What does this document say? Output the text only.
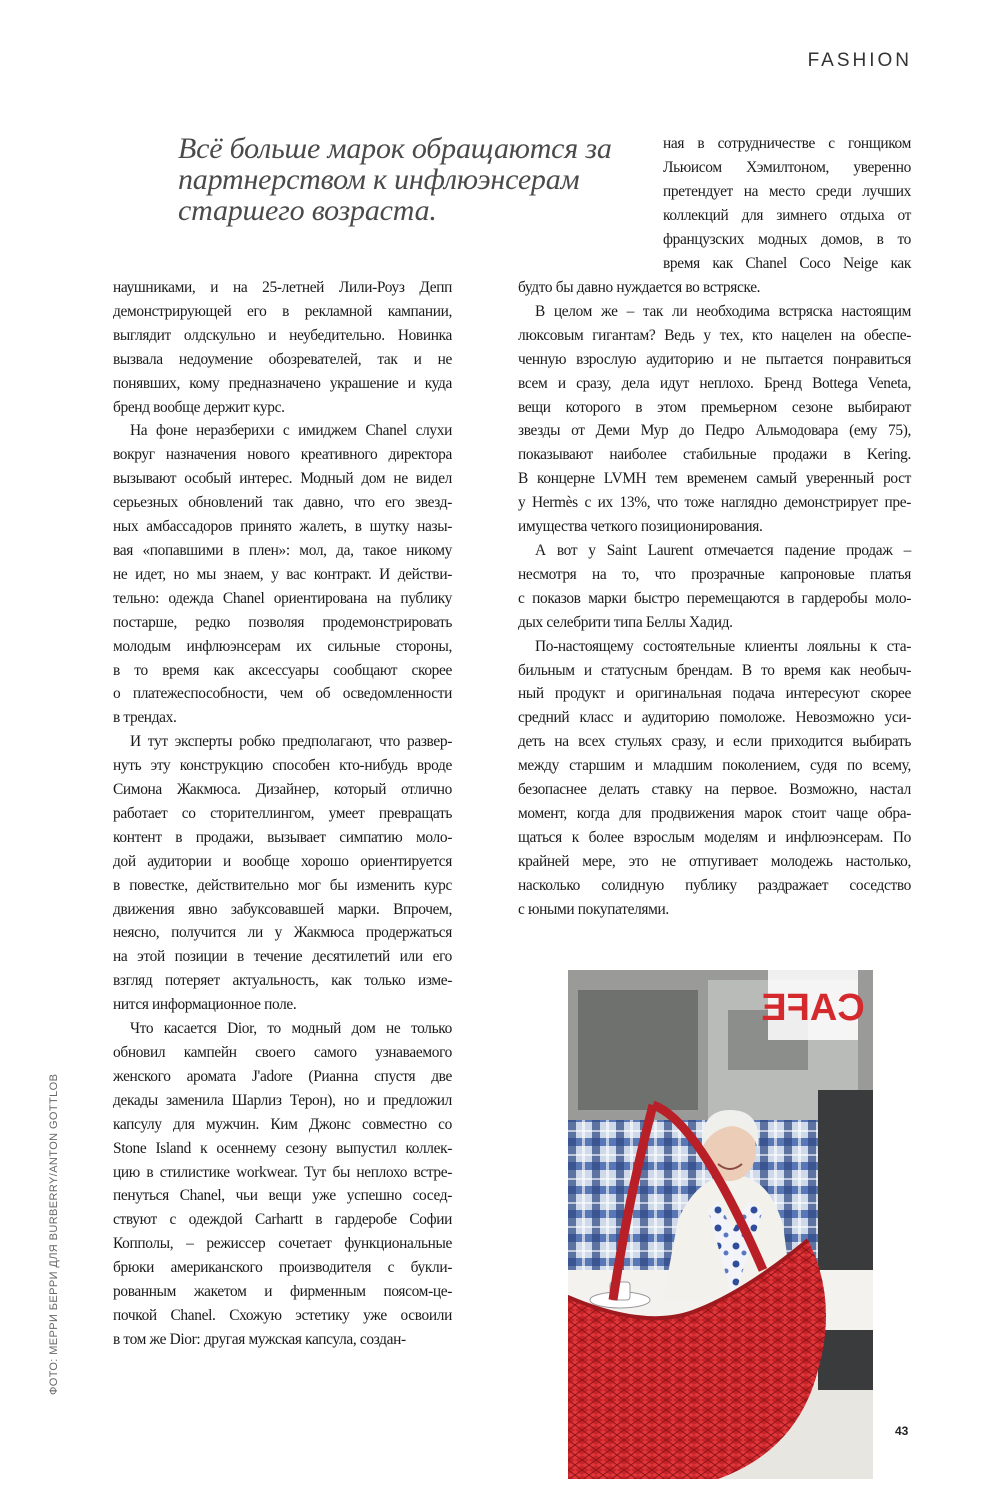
FASHION
Всё больше марок обращаются за
партнерством к инфлюэнсерам
старшего возраста.
ная в сотрудничестве с гонщиком
Льюисом Хэмилтоном, уверенно
претендует на место среди лучших
коллекций для зимнего отдыха от
французских модных домов, в то
время как Chanel Coco Neige как

наушниками, и на 25-летней Лили-Роуз Депп
демонстрирующей его в рекламной кампании,
выглядит олдскульно и неубедительно. Новинка
вызвала недоумение обозревателей, так и не
понявших, кому предназначено украшение и куда
бренд вообще держит курс.

На фоне неразберихи с имиджем Chanel слухи
вокруг назначения нового креативного директора
вызывают особый интерес. Модный дом не видел
серьезных обновлений так давно, что его звезд-
ных амбассадоров принято жалеть, в шутку назы-
вая «попавшими в плен»: мол, да, такое никому
не идет, но мы знаем, у вас контракт. И действи-
тельно: одежда Chanel ориентирована на публику
постарше, редко позволяя продемонстрировать
молодым инфлюэнсерам их сильные стороны,
в то время как аксессуары сообщают скорее
о платежеспособности, чем об осведомленности
в трендах.

И тут эксперты робко предполагают, что развер-
нуть эту конструкцию способен кто-нибудь вроде
Симона Жакмюса. Дизайнер, который отлично
работает со сторителлингом, умеет превращать
контент в продажи, вызывает симпатию моло-
дой аудитории и вообще хорошо ориентируется
в повестке, действительно мог бы изменить курс
движения явно забуксовавшей марки. Впрочем,
неясно, получится ли у Жакмюса продержаться
на этой позиции в течение десятилетий или его
взгляд потеряет актуальность, как только изме-
нится информационное поле.

Что касается Dior, то модный дом не только
обновил кампейн своего самого узнаваемого
женского аромата J'adore (Рианна спустя две
декады заменила Шарлиз Терон), но и предложил
капсулу для мужчин. Ким Джонс совместно со
Stone Island к осеннему сезону выпустил коллек-
цию в стилистике workwear. Тут бы неплохо встре-
пенуться Chanel, чьи вещи уже успешно сосед-
ствуют с одеждой Carhartt в гардеробе Софии
Копполы, – режиссер сочетает функциональные
брюки американского производителя с букли-
рованным жакетом и фирменным поясом-це-
почкой Chanel. Схожую эстетику уже освоили
в том же Dior: другая мужская капсула, создан-

будто бы давно нуждается во встряске.

В целом же – так ли необходима встряска настоящим
люксовым гигантам? Ведь у тех, кто нацелен на обеспе-
ченную взрослую аудиторию и не пытается понравиться
всем и сразу, дела идут неплохо. Бренд Bottega Veneta,
вещи которого в этом премьерном сезоне выбирают
звезды от Деми Мур до Педро Альмодовара (ему 75),
показывают наиболее стабильные продажи в Kering.
В концерне LVMH тем временем самый уверенный рост
у Hermès с их 13%, что тоже наглядно демонстрирует пре-
имущества четкого позиционирования.

А вот у Saint Laurent отмечается падение продаж –
несмотря на то, что прозрачные капроновые платья
с показов марки быстро перемещаются в гардеробы моло-
дых селебрити типа Беллы Хадид.

По-настоящему состоятельные клиенты лояльны к ста-
бильным и статусным брендам. В то время как необыч-
ный продукт и оригинальная подача интересуют скорее
средний класс и аудиторию помоложе. Невозможно уси-
деть на всех стульях сразу, и если приходится выбирать
между старшим и младшим поколением, судя по всему,
безопаснее делать ставку на первое. Возможно, настал
момент, когда для продвижения марок стоит чаще обра-
щаться к более взрослым моделям и инфлюэнсерам. По
крайней мере, это не отпугивает молодежь настолько,
насколько солидную публику раздражает соседство
с юными покупателями.

CAFE
ФОТО: МЕРРИ БЕРРИ ДЛЯ BURBERRY/ANTON GOTTLOB
43
